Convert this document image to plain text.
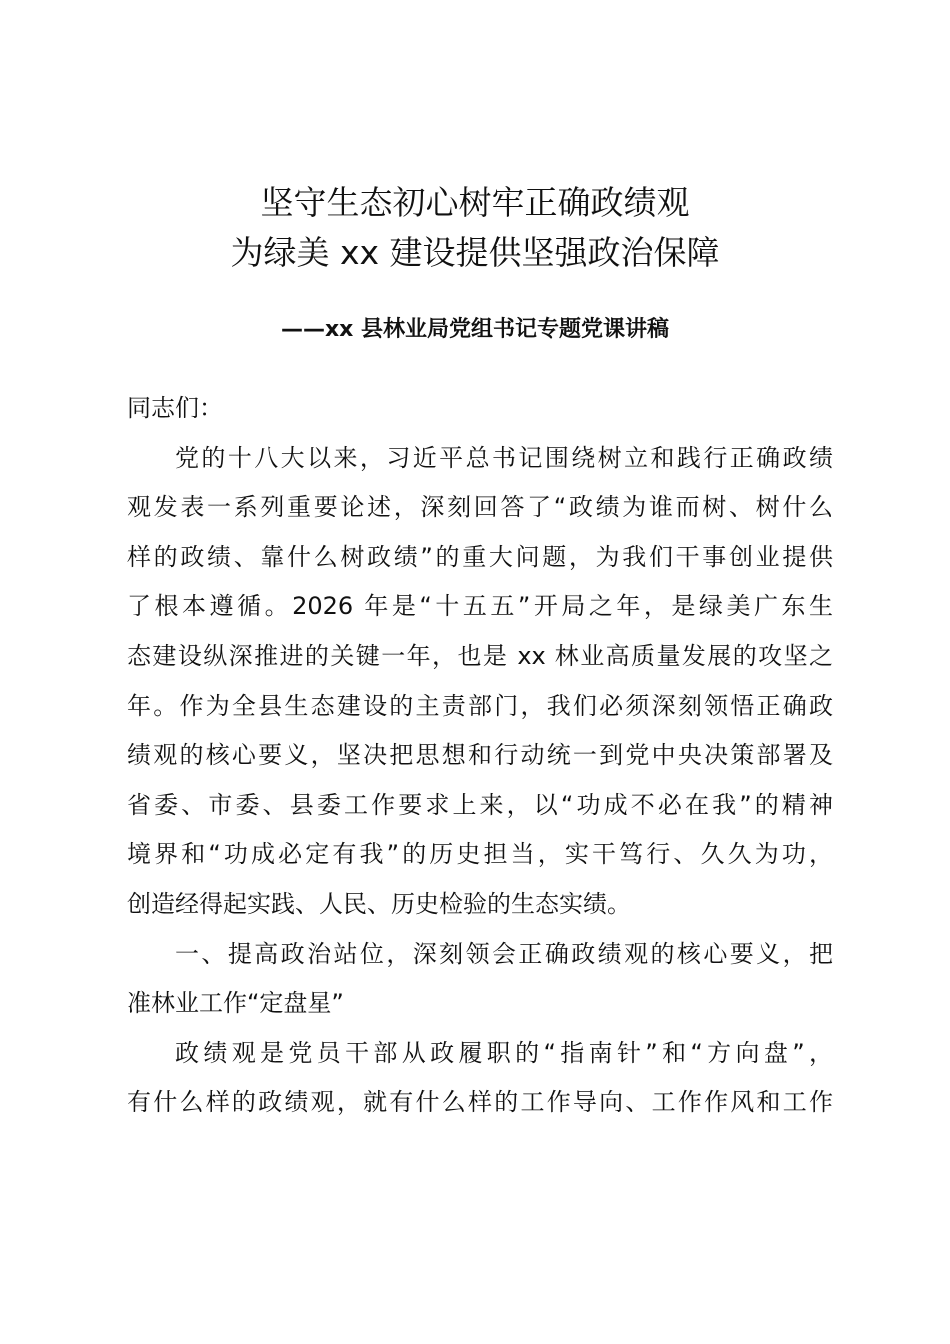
坚守生态初心树牢正确政绩观
为绿美 xx 建设提供坚强政治保障
——xx 县林业局党组书记专题党课讲稿
同志们：
党的十八大以来，习近平总书记围绕树立和践行正确政绩
观发表一系列重要论述，深刻回答了“政绩为谁而树、树什么
样的政绩、靠什么树政绩”的重大问题，为我们干事创业提供
了根本遵循。2026 年是“十五五”开局之年，是绿美广东生
态建设纵深推进的关键一年，也是 xx 林业高质量发展的攻坚之
年。作为全县生态建设的主责部门，我们必须深刻领悟正确政
绩观的核心要义，坚决把思想和行动统一到党中央决策部署及
省委、市委、县委工作要求上来，以“功成不必在我”的精神
境界和“功成必定有我”的历史担当，实干笃行、久久为功，
创造经得起实践、人民、历史检验的生态实绩。
一、提高政治站位，深刻领会正确政绩观的核心要义，把
准林业工作“定盘星”
政绩观是党员干部从政履职的“指南针”和“方向盘”，
有什么样的政绩观，就有什么样的工作导向、工作作风和工作
